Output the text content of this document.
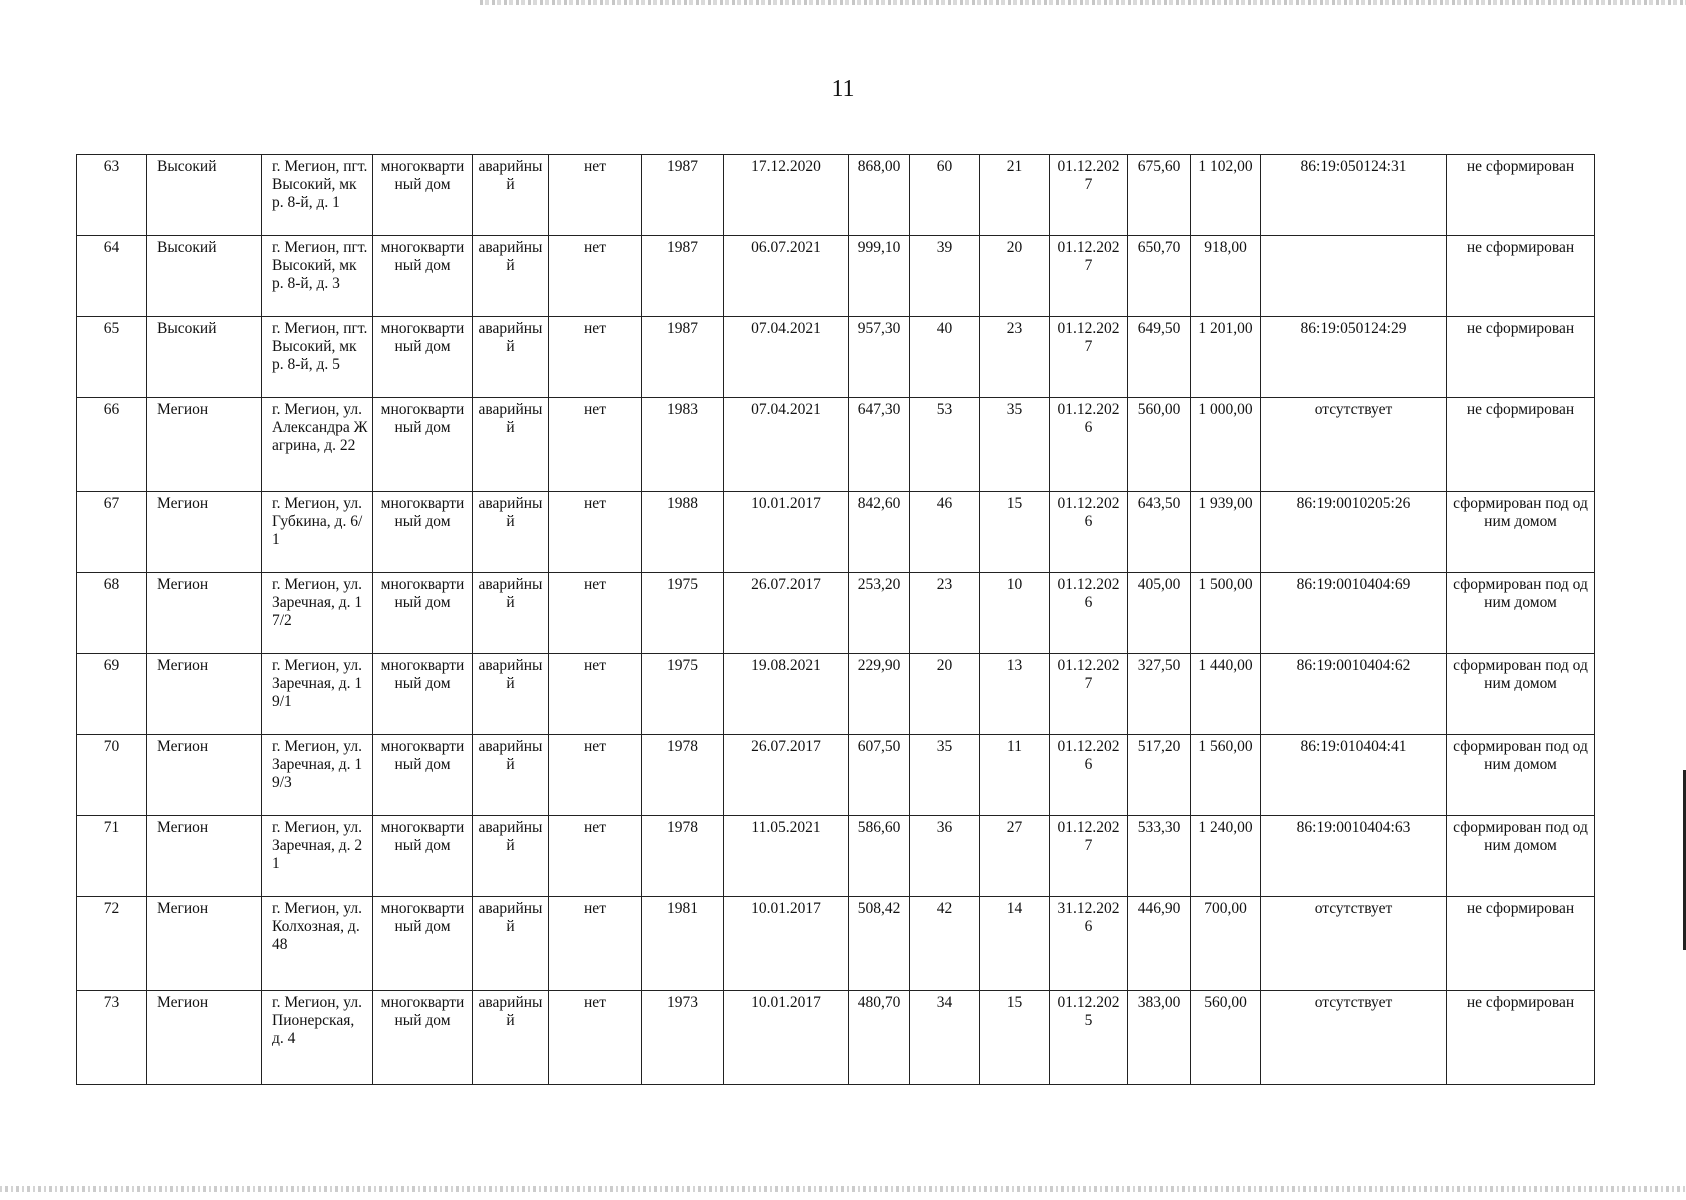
11
63	Высокий	г. Мегион, пгт. Высокий, мкр. 8-й, д. 1	многоквартиный дом	аварийный	нет	1987	17.12.2020	868,00	60	21	01.12.2027	675,60	1 102,00	86:19:050124:31	не сформирован
64	Высокий	г. Мегион, пгт. Высокий, мкр. 8-й, д. 3	многоквартиный дом	аварийный	нет	1987	06.07.2021	999,10	39	20	01.12.2027	650,70	918,00		не сформирован
65	Высокий	г. Мегион, пгт. Высокий, мкр. 8-й, д. 5	многоквартиный дом	аварийный	нет	1987	07.04.2021	957,30	40	23	01.12.2027	649,50	1 201,00	86:19:050124:29	не сформирован
66	Мегион	г. Мегион, ул. Александра Жагрина, д. 22	многоквартиный дом	аварийный	нет	1983	07.04.2021	647,30	53	35	01.12.2026	560,00	1 000,00	отсутствует	не сформирован
67	Мегион	г. Мегион, ул. Губкина, д. 6/1	многоквартиный дом	аварийный	нет	1988	10.01.2017	842,60	46	15	01.12.2026	643,50	1 939,00	86:19:0010205:26	сформирован под одним домом
68	Мегион	г. Мегион, ул. Заречная, д. 17/2	многоквартиный дом	аварийный	нет	1975	26.07.2017	253,20	23	10	01.12.2026	405,00	1 500,00	86:19:0010404:69	сформирован под одним домом
69	Мегион	г. Мегион, ул. Заречная, д. 19/1	многоквартиный дом	аварийный	нет	1975	19.08.2021	229,90	20	13	01.12.2027	327,50	1 440,00	86:19:0010404:62	сформирован под одним домом
70	Мегион	г. Мегион, ул. Заречная, д. 19/3	многоквартиный дом	аварийный	нет	1978	26.07.2017	607,50	35	11	01.12.2026	517,20	1 560,00	86:19:010404:41	сформирован под одним домом
71	Мегион	г. Мегион, ул. Заречная, д. 21	многоквартиный дом	аварийный	нет	1978	11.05.2021	586,60	36	27	01.12.2027	533,30	1 240,00	86:19:0010404:63	сформирован под одним домом
72	Мегион	г. Мегион, ул. Колхозная, д. 48	многоквартиный дом	аварийный	нет	1981	10.01.2017	508,42	42	14	31.12.2026	446,90	700,00	отсутствует	не сформирован
73	Мегион	г. Мегион, ул. Пионерская, д. 4	многоквартиный дом	аварийный	нет	1973	10.01.2017	480,70	34	15	01.12.2025	383,00	560,00	отсутствует	не сформирован
